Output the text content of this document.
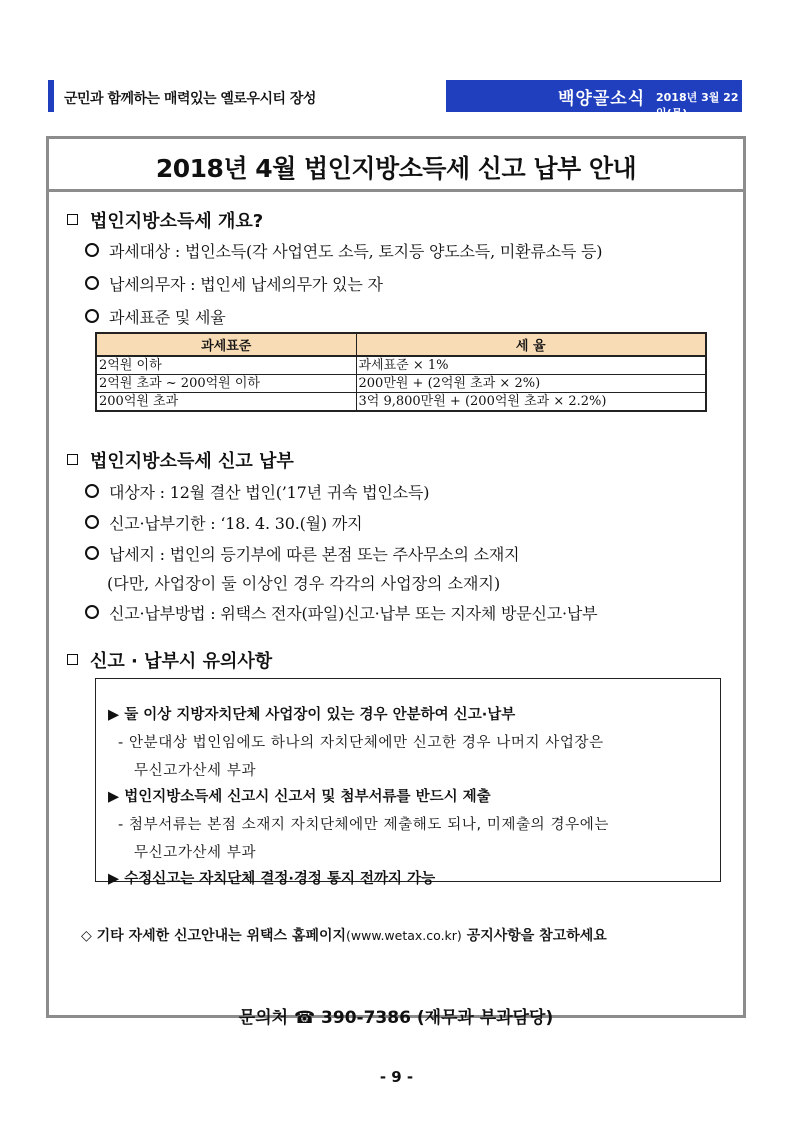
군민과 함께하는 매력있는 옐로우시티 장성	백양골소식 2018년 3월 22일(목)
2018년 4월 법인지방소득세 신고 납부 안내
법인지방소득세 개요?
과세대상 : 법인소득(각 사업연도 소득, 토지등 양도소득, 미환류소득 등)
납세의무자 : 법인세 납세의무가 있는 자
과세표준 및 세율
과세표준	세 율
2억원 이하	과세표준 × 1%
2억원 초과 ~ 200억원 이하	200만원 + (2억원 초과 × 2%)
200억원 초과	3억 9,800만원 + (200억원 초과 × 2.2%)
법인지방소득세 신고 납부
대상자 : 12월 결산 법인(’17년 귀속 법인소득)
신고·납부기한 : ‘18. 4. 30.(월) 까지
납세지 : 법인의 등기부에 따른 본점 또는 주사무소의 소재지
(다만, 사업장이 둘 이상인 경우 각각의 사업장의 소재지)
신고·납부방법 : 위택스 전자(파일)신고·납부 또는 지자체 방문신고·납부
신고 · 납부시 유의사항
▶ 둘 이상 지방자치단체 사업장이 있는 경우 안분하여 신고·납부
- 안분대상 법인임에도 하나의 자치단체에만 신고한 경우 나머지 사업장은
무신고가산세 부과
▶ 법인지방소득세 신고시 신고서 및 첨부서류를 반드시 제출
- 첨부서류는 본점 소재지 자치단체에만 제출해도 되나, 미제출의 경우에는
무신고가산세 부과
▶ 수정신고는 자치단체 결정·경정 통지 전까지 가능
◇ 기타 자세한 신고안내는 위택스 홈페이지(www.wetax.co.kr) 공지사항을 참고하세요
문의처 ☎ 390-7386 (재무과 부과담당)
- 9 -
